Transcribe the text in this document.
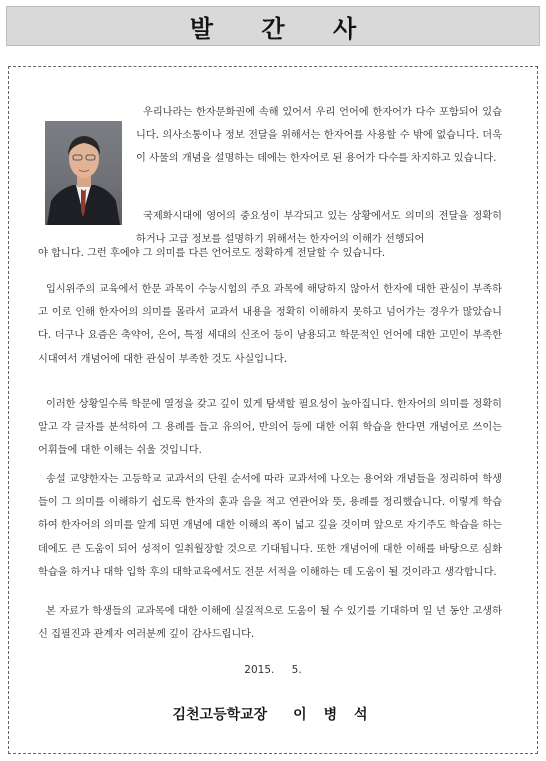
발 간 사

우리나라는 한자문화권에 속해 있어서 우리 언어에 한자어가 다수 포함되어 있습니다. 의사소통이나 정보 전달을 위해서는 한자어를 사용할 수 밖에 없습니다. 더욱이 사물의 개념을 설명하는 데에는 한자어로 된 용어가 다수를 차지하고 있습니다.

국제화시대에 영어의 중요성이 부각되고 있는 상황에서도 의미의 전달을 정확히 하거나 고급 정보를 설명하기 위해서는 한자어의 이해가 선행되어

야 합니다. 그런 후에야 그 의미를 다른 언어로도 정확하게 전달할 수 있습니다.

입시위주의 교육에서 한문 과목이 수능시험의 주요 과목에 해당하지 않아서 한자에 대한 관심이 부족하고 이로 인해 한자어의 의미를 몰라서 교과서 내용을 정확히 이해하지 못하고 넘어가는 경우가 많았습니다. 더구나 요즘은 축약어, 은어, 특정 세대의 신조어 등이 남용되고 학문적인 언어에 대한 고민이 부족한 시대여서 개념어에 대한 관심이 부족한 것도 사실입니다.

이러한 상황일수록 학문에 열정을 갖고 깊이 있게 탐색할 필요성이 높아집니다. 한자어의 의미를 정확히 알고 각 글자를 분석하여 그 용례를 들고 유의어, 반의어 등에 대한 어휘 학습을 한다면 개념어로 쓰이는 어휘들에 대한 이해는 쉬울 것입니다.

송설 교양한자는 고등학교 교과서의 단원 순서에 따라 교과서에 나오는 용어와 개념들을 정리하여 학생들이 그 의미를 이해하기 쉽도록 한자의 훈과 음을 적고 연관어와 뜻, 용례를 정리했습니다. 이렇게 학습하여 한자어의 의미를 알게 되면 개념에 대한 이해의 폭이 넓고 깊을 것이며 앞으로 자기주도 학습을 하는 데에도 큰 도움이 되어 성적이 일취월장할 것으로 기대됩니다. 또한 개념어에 대한 이해를 바탕으로 심화 학습을 하거나 대학 입학 후의 대학교육에서도 전문 서적을 이해하는 데 도움이 될 것이라고 생각합니다.

본 자료가 학생들의 교과목에 대한 이해에 실질적으로 도움이 될 수 있기를 기대하며 일 년 동안 고생하신 집필진과 관계자 여러분께 깊이 감사드립니다.

2015. 5.
김천고등학교장 이 병 석
